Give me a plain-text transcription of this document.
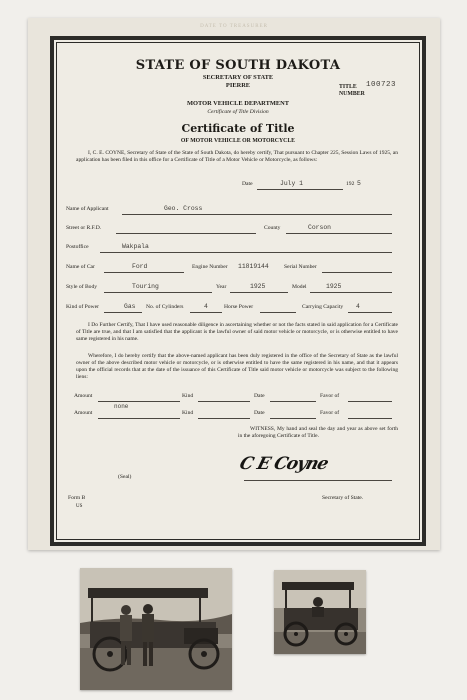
DATE TO TREASURER
STATE OF SOUTH DAKOTA
SECRETARY OF STATE
PIERRE	TITLE
NUMBER
100723
MOTOR VEHICLE DEPARTMENT
Certificate of Title Division
Certificate of Title
OF MOTOR VEHICLE OR MOTORCYCLE
I, C. E. COYNE, Secretary of State of the State of South Dakota, do hereby certify, That pursuant to Chapter 225, Session Laws of 1925, an application has been filed in this office for a Certificate of Title of a Motor Vehicle or Motorcycle, as follows:
Date	July 1	192 5
Name of Applicant	Geo. Cross
Street or R.F.D.	County	Corson
Postoffice	Wakpala
Name of Car	Ford	Engine Number 11819144	Serial Number
Style of Body	Touring	Year	1925	Model	1925
Kind of Power	Gas No. of Cylinders	4	Horse Power	Carrying Capacity 4
I Do Further Certify, That I have used reasonable diligence in ascertaining whether or not the facts stated in said application for a Certificate of Title are true, and that I am satisfied that the applicant is the lawful owner of said motor vehicle or motorcycle, or is otherwise entitled to have same registered in his name.
Wherefore, I do hereby certify that the above-named applicant has been duly registered in the office of the Secretary of State as the lawful owner of the above described motor vehicle or motorcycle, or is otherwise entitled to have the same registered in his name, and that it appears upon the official records that at the date of the issuance of this Certificate of Title said motor vehicle or motorcycle was subject to the following liens:
Amount	Kind	Date	Favor of
none
Amount	Kind	Date	Favor of
WITNESS, My hand and seal the day and year as above set forth in the aforegoing Certificate of Title.
C E Coyne
(Seal)
Secretary of State.
Form B
US
